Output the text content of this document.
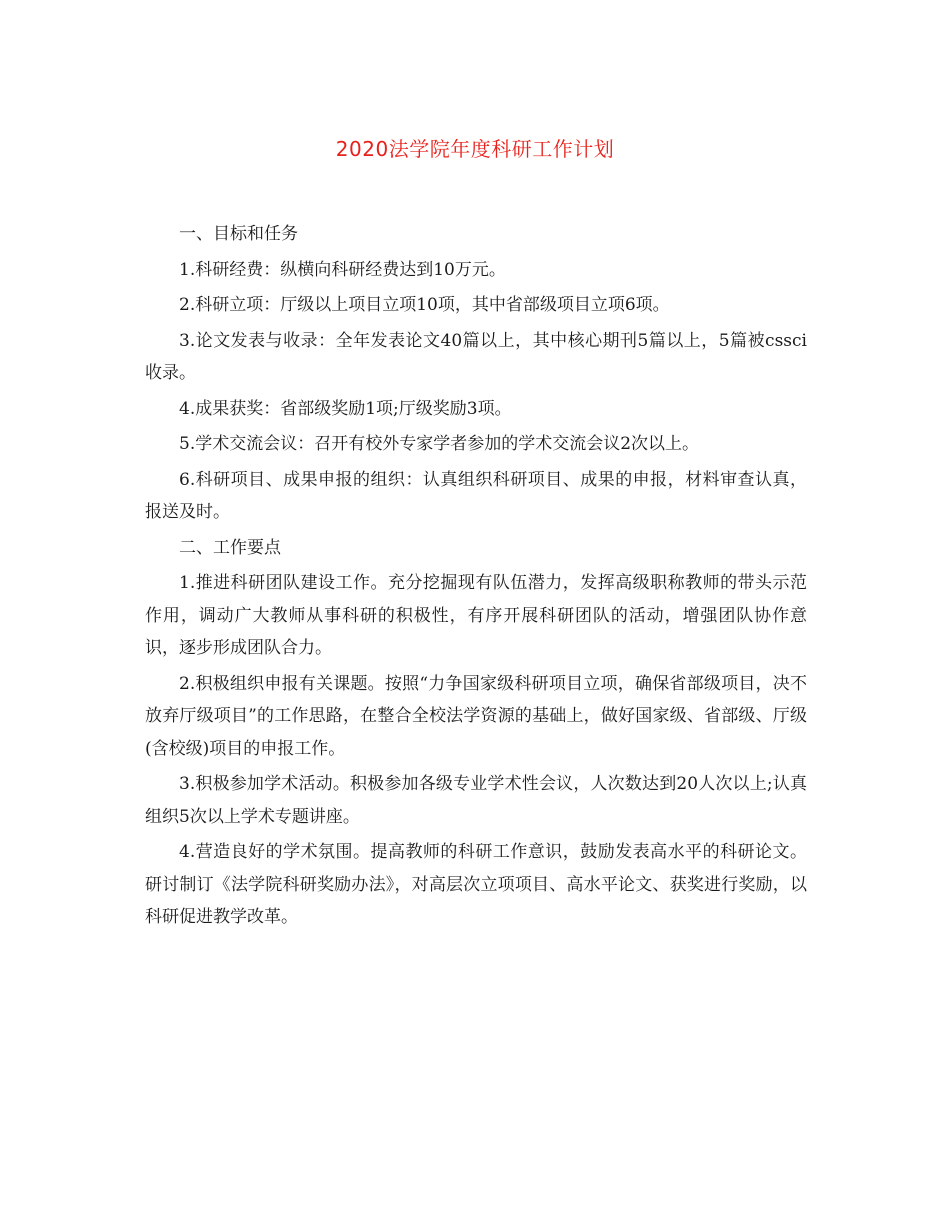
2020法学院年度科研工作计划

一、目标和任务

1.科研经费：纵横向科研经费达到10万元。

2.科研立项：厅级以上项目立项10项，其中省部级项目立项6项。

3.论文发表与收录：全年发表论文40篇以上，其中核心期刊5篇以上，5篇被cssci收录。

4.成果获奖：省部级奖励1项;厅级奖励3项。

5.学术交流会议：召开有校外专家学者参加的学术交流会议2次以上。

6.科研项目、成果申报的组织：认真组织科研项目、成果的申报，材料审查认真，报送及时。

二、工作要点

1.推进科研团队建设工作。充分挖掘现有队伍潜力，发挥高级职称教师的带头示范作用，调动广大教师从事科研的积极性，有序开展科研团队的活动，增强团队协作意识，逐步形成团队合力。

2.积极组织申报有关课题。按照“力争国家级科研项目立项，确保省部级项目，决不放弃厅级项目”的工作思路，在整合全校法学资源的基础上，做好国家级、省部级、厅级(含校级)项目的申报工作。

3.积极参加学术活动。积极参加各级专业学术性会议，人次数达到20人次以上;认真组织5次以上学术专题讲座。

4.营造良好的学术氛围。提高教师的科研工作意识，鼓励发表高水平的科研论文。研讨制订《法学院科研奖励办法》，对高层次立项项目、高水平论文、获奖进行奖励，以科研促进教学改革。
